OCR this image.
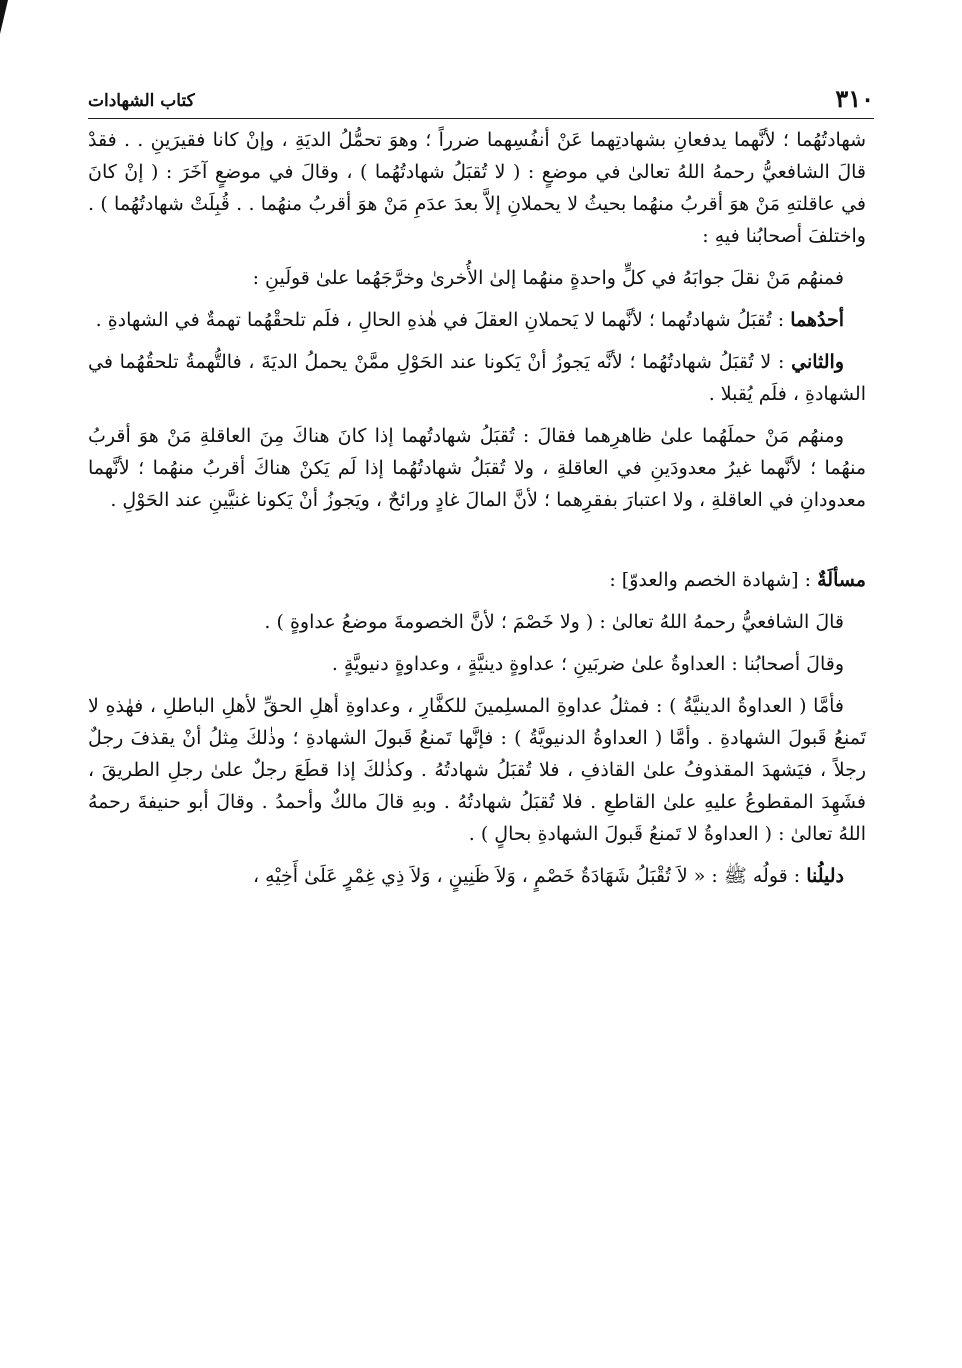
٣١٠
كتاب الشهادات

شهادتُهُما ؛ لأنَّهما يدفعانِ بشهادتِهما عَنْ أنفُسِهما ضرراً ؛ وهوَ تحمُّلُ الديَةِ ، وإنْ كانا فقيرَينِ . . فقدْ قالَ الشافعيُّ رحمهُ اللهُ تعالىٰ في موضعٍ : ( لا تُقبَلُ شهادتُهُما ) ، وقالَ في موضعٍ آخَرَ : ( إنْ كانَ في عاقلتهِ مَنْ هوَ أقربُ منهُما بحيثُ لا يحملانِ إلاَّ بعدَ عدَمِ مَنْ هوَ أقربُ منهُما . . قُبِلَتْ شهادتُهُما ) . واختلفَ أصحابُنا فيهِ :

فمنهُم مَنْ نقلَ جوابَهُ في كلٍّ واحدةٍ منهُما إلىٰ الأُخرىٰ وخرَّجَهُما علىٰ قولَينِ :

أحدُهما : تُقبَلُ شهادتُهما ؛ لأنَّهما لا يَحملانِ العقلَ في هٰذهِ الحالِ ، فلَم تلحقْهُما تهمةٌ في الشهادةِ .

والثاني : لا تُقبَلُ شهادتُهُما ؛ لأنَّه يَجوزُ أنْ يَكونا عند الحَوْلِ ممَّنْ يحملُ الديَةَ ، فالتُّهمةُ تلحقُهُما في الشهادةِ ، فلَم يُقبلا .

ومنهُم مَنْ حملَهُما علىٰ ظاهرِهما فقالَ : تُقبَلُ شهادتُهما إذا كانَ هناكَ مِنَ العاقلةِ مَنْ هوَ أقربُ منهُما ؛ لأنَّهما غيرُ معدودَينِ في العاقلةِ ، ولا تُقبَلُ شهادتُهُما إذا لَم يَكنْ هناكَ أقربُ منهُما ؛ لأنَّهما معدودانِ في العاقلةِ ، ولا اعتبارَ بفقرِهما ؛ لأنَّ المالَ غادٍ ورائحٌ ، ويَجوزُ أنْ يَكونا غنيَّينِ عند الحَوْلِ .

مسألَةٌ : [شهادة الخصم والعدوّ] :

قالَ الشافعيُّ رحمهُ اللهُ تعالىٰ : ( ولا خَصْمَ ؛ لأنَّ الخصومةَ موضعُ عداوةٍ ) .

وقالَ أصحابُنا : العداوةُ علىٰ ضربَينِ ؛ عداوةٍ دينيَّةٍ ، وعداوةٍ دنيويَّةٍ .

فأمَّا ( العداوةُ الدينيَّةُ ) : فمثلُ عداوةِ المسلِمينَ للكفَّارِ ، وعداوةِ أهلِ الحقِّ لأهلِ الباطلِ ، فهٰذهِ لا تَمنعُ قَبولَ الشهادةِ . وأمَّا ( العداوةُ الدنيويَّةُ ) : فإنَّها تَمنعُ قَبولَ الشهادةِ ؛ وذٰلكَ مِثلُ أنْ يقذفَ رجلٌ رجلاً ، فيَشهدَ المقذوفُ علىٰ القاذفِ ، فلا تُقبَلُ شهادتُهُ . وكذٰلكَ إذا قطَعَ رجلٌ علىٰ رجلِ الطريقَ ، فشَهِدَ المقطوعُ عليهِ علىٰ القاطعِ . فلا تُقبَلُ شهادتُهُ . وبهِ قالَ مالكٌ وأحمدُ . وقالَ أبو حنيفةَ رحمهُ اللهُ تعالىٰ : ( العداوةُ لا تَمنعُ قَبولَ الشهادةِ بحالٍ ) .

دليلُنا : قولُه ﷺ : « لاَ تُقْبَلُ شَهَادَةُ خَصْمٍ ، وَلاَ ظَنِينٍ ، وَلاَ ذِي غِمْرٍ عَلَىٰ أَخِيْهِ ،
